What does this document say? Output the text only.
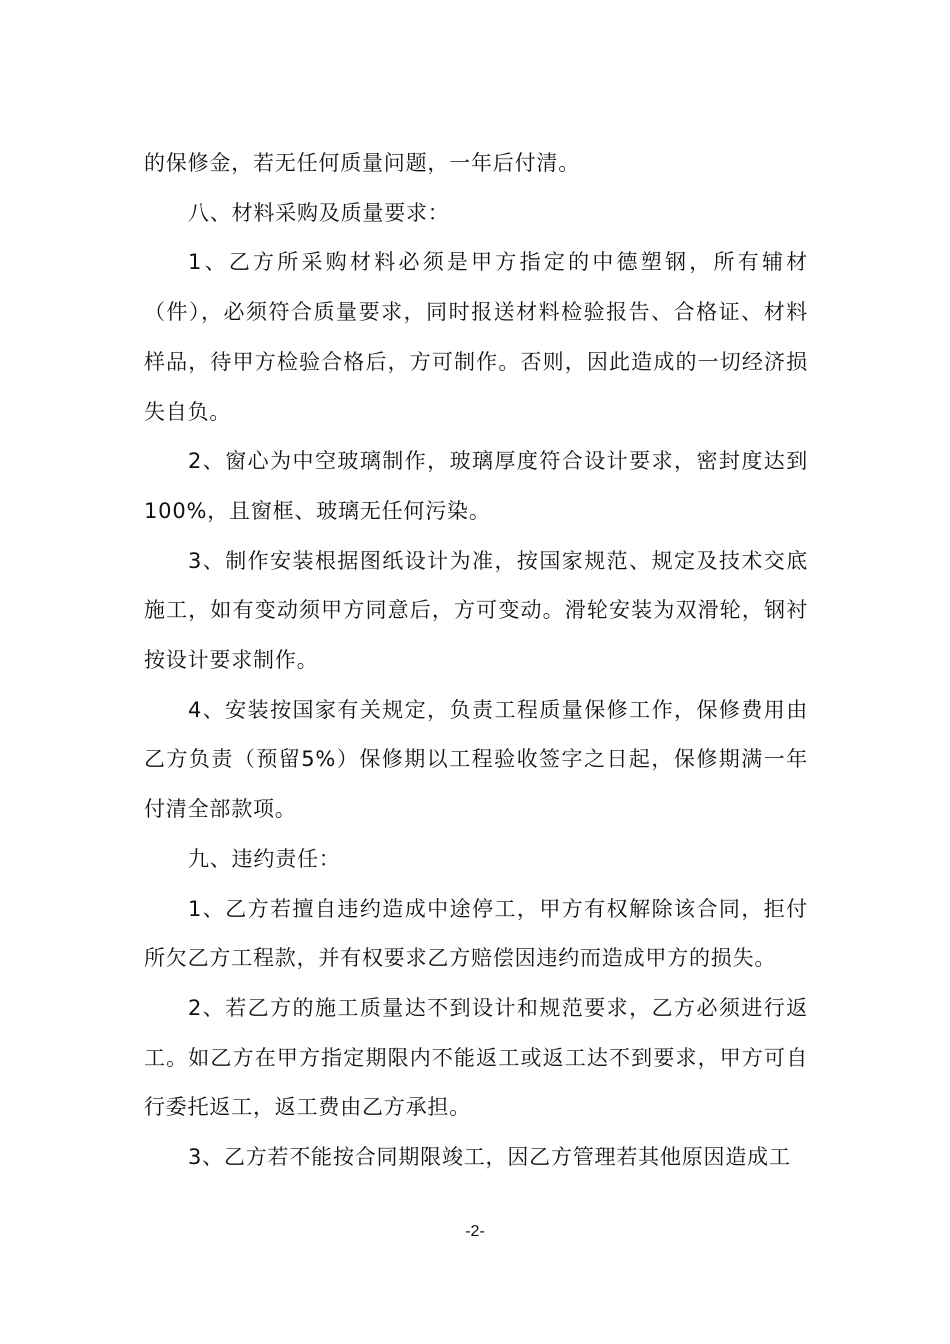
的保修金，若无任何质量问题，一年后付清。

八、材料采购及质量要求：

1、乙方所采购材料必须是甲方指定的中德塑钢，所有辅材（件），必须符合质量要求，同时报送材料检验报告、合格证、材料样品，待甲方检验合格后，方可制作。否则，因此造成的一切经济损失自负。

2、窗心为中空玻璃制作，玻璃厚度符合设计要求，密封度达到100%，且窗框、玻璃无任何污染。

3、制作安装根据图纸设计为准，按国家规范、规定及技术交底施工，如有变动须甲方同意后，方可变动。滑轮安装为双滑轮，钢衬按设计要求制作。

4、安装按国家有关规定，负责工程质量保修工作，保修费用由乙方负责（预留5%）保修期以工程验收签字之日起，保修期满一年付清全部款项。

九、违约责任：

1、乙方若擅自违约造成中途停工，甲方有权解除该合同，拒付所欠乙方工程款，并有权要求乙方赔偿因违约而造成甲方的损失。

2、若乙方的施工质量达不到设计和规范要求，乙方必须进行返工。如乙方在甲方指定期限内不能返工或返工达不到要求，甲方可自行委托返工，返工费由乙方承担。

3、乙方若不能按合同期限竣工，因乙方管理若其他原因造成工

-2-
